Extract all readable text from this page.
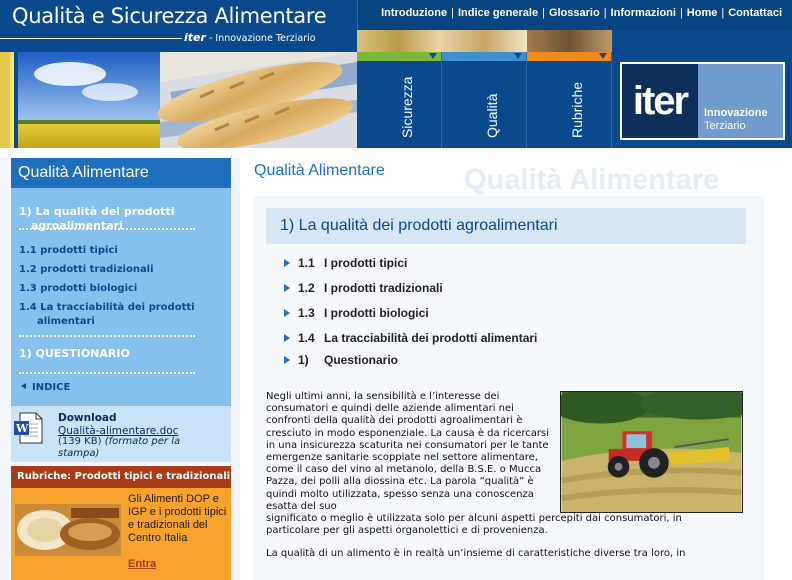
Qualità e Sicurezza Alimentare
iter - Innovazione Terziario
Introduzione | Indice generale | Glossario | Informazioni | Home | Contattaci
Sicurezza	Qualità	Rubriche iter Innovazione
Terziario
Qualità Alimentare
1) La qualità dei prodotti
agroalimentari
1.1 prodotti tipici
1.2 prodotti tradizionali
1.3 prodotti biologici
1.4 La tracciabilità dei prodotti
alimentari
1) QUESTIONARIO
INDICE
W
Download
Qualità-alimentare.doc
(139 KB) (formato per la
stampa)
Rubriche: Prodotti tipici e tradizionali
Gli Alimenti DOP e IGP e i prodotti tipici e tradizionali del Centro Italia
Entra
Qualità Alimentare
Qualità Alimentare
1) La qualità dei prodotti agroalimentari
1.1 I prodotti tipici
1.2 I prodotti tradizionali
1.3 I prodotti biologici
1.4 La tracciabilità dei prodotti alimentari
1) Questionario

Negli ultimi anni, la sensibilità e l’interesse dei consumatori e quindi delle aziende alimentari nei confronti della qualità dei prodotti agroalimentari è cresciuto in modo esponenziale. La causa è da ricercarsi in una insicurezza scaturita nei consumatori per le tante emergenze sanitarie scoppiate nel settore alimentare, come il caso del vino al metanolo, della B.S.E. o Mucca Pazza, dei polli alla diossina etc. La parola “qualità” è quindi molto utilizzata, spesso senza una conoscenza esatta del suo

significato o meglio è utilizzata solo per alcuni aspetti percepiti dai consumatori, in particolare per gli aspetti organolettici e di provenienza.

La qualità di un alimento è in realtà un’insieme di caratteristiche diverse tra loro, in
